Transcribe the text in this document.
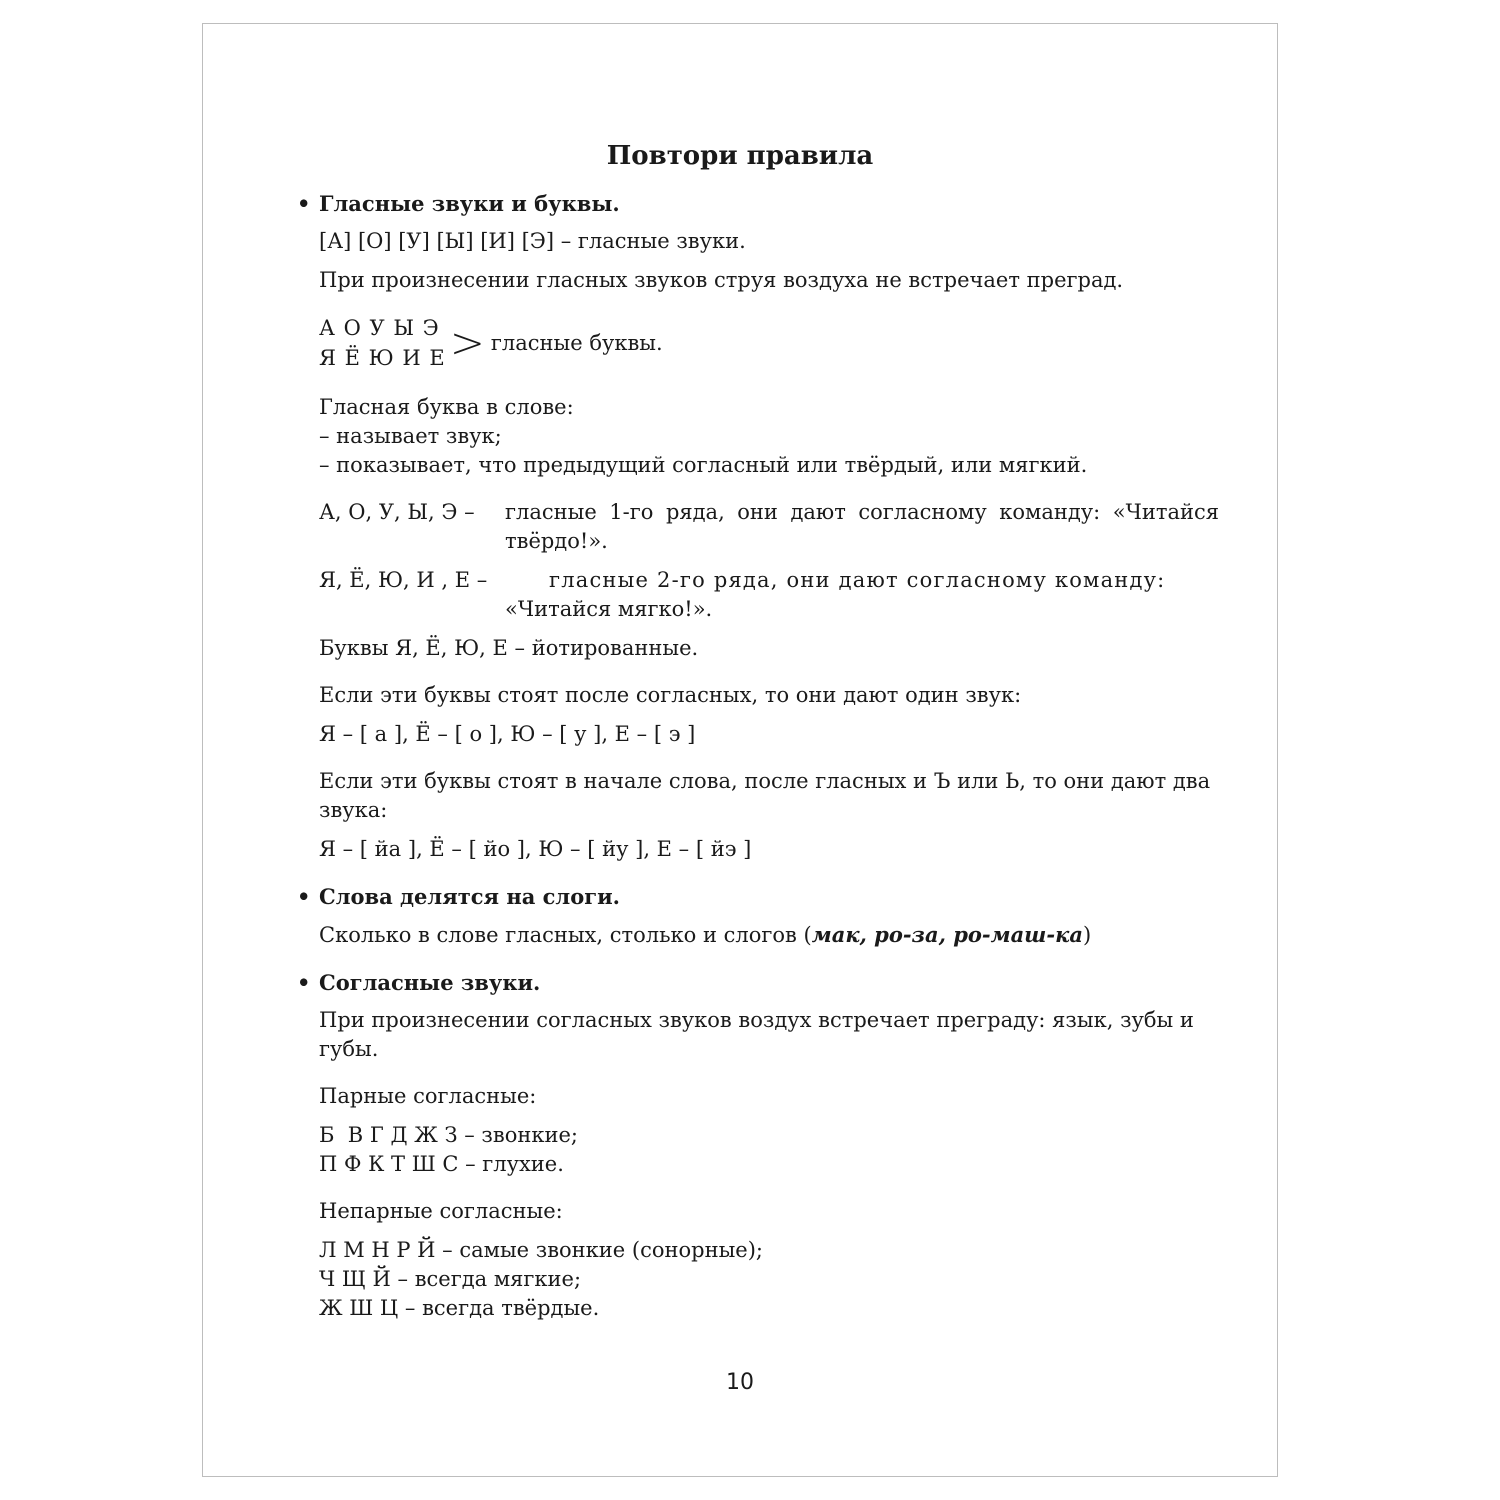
Повтори правила
• Гласные звуки и буквы.

[А] [О] [У] [Ы] [И] [Э] – гласные звуки.

При произнесении гласных звуков струя воздуха не встречает преград.

А О У Ы Э
Я Ё Ю И Е > гласные буквы.
Гласная буква в слове:
– называет звук;
– показывает, что предыдущий согласный или твёрдый, или мягкий.
А, О, У, Ы, Э –	гласные 1-го ряда, они дают согласному команду: «Читайся твёрдо!».
Я, Ё, Ю, И , Е –	гласные 2-го ряда, они дают согласному команду:
«Читайся мягко!».

Буквы Я, Ё, Ю, Е – йотированные.

Если эти буквы стоят после согласных, то они дают один звук:

Я – [ а ], Ё – [ о ], Ю – [ у ], Е – [ э ]

Если эти буквы стоят в начале слова, после гласных и Ъ или Ь, то они дают два звука:

Я – [ йа ], Ё – [ йо ], Ю – [ йу ], Е – [ йэ ]

• Слова делятся на слоги.

Сколько в слове гласных, столько и слогов (мак, ро-за, ро-маш-ка)

• Согласные звуки.

При произнесении согласных звуков воздух встречает преграду: язык, зубы и губы.

Парные согласные:

Б  В Г Д Ж З – звонкие;
П Ф К Т Ш С – глухие.

Непарные согласные:

Л М Н Р Й – самые звонкие (сонорные);
Ч Щ Й – всегда мягкие;
Ж Ш Ц – всегда твёрдые.
10
